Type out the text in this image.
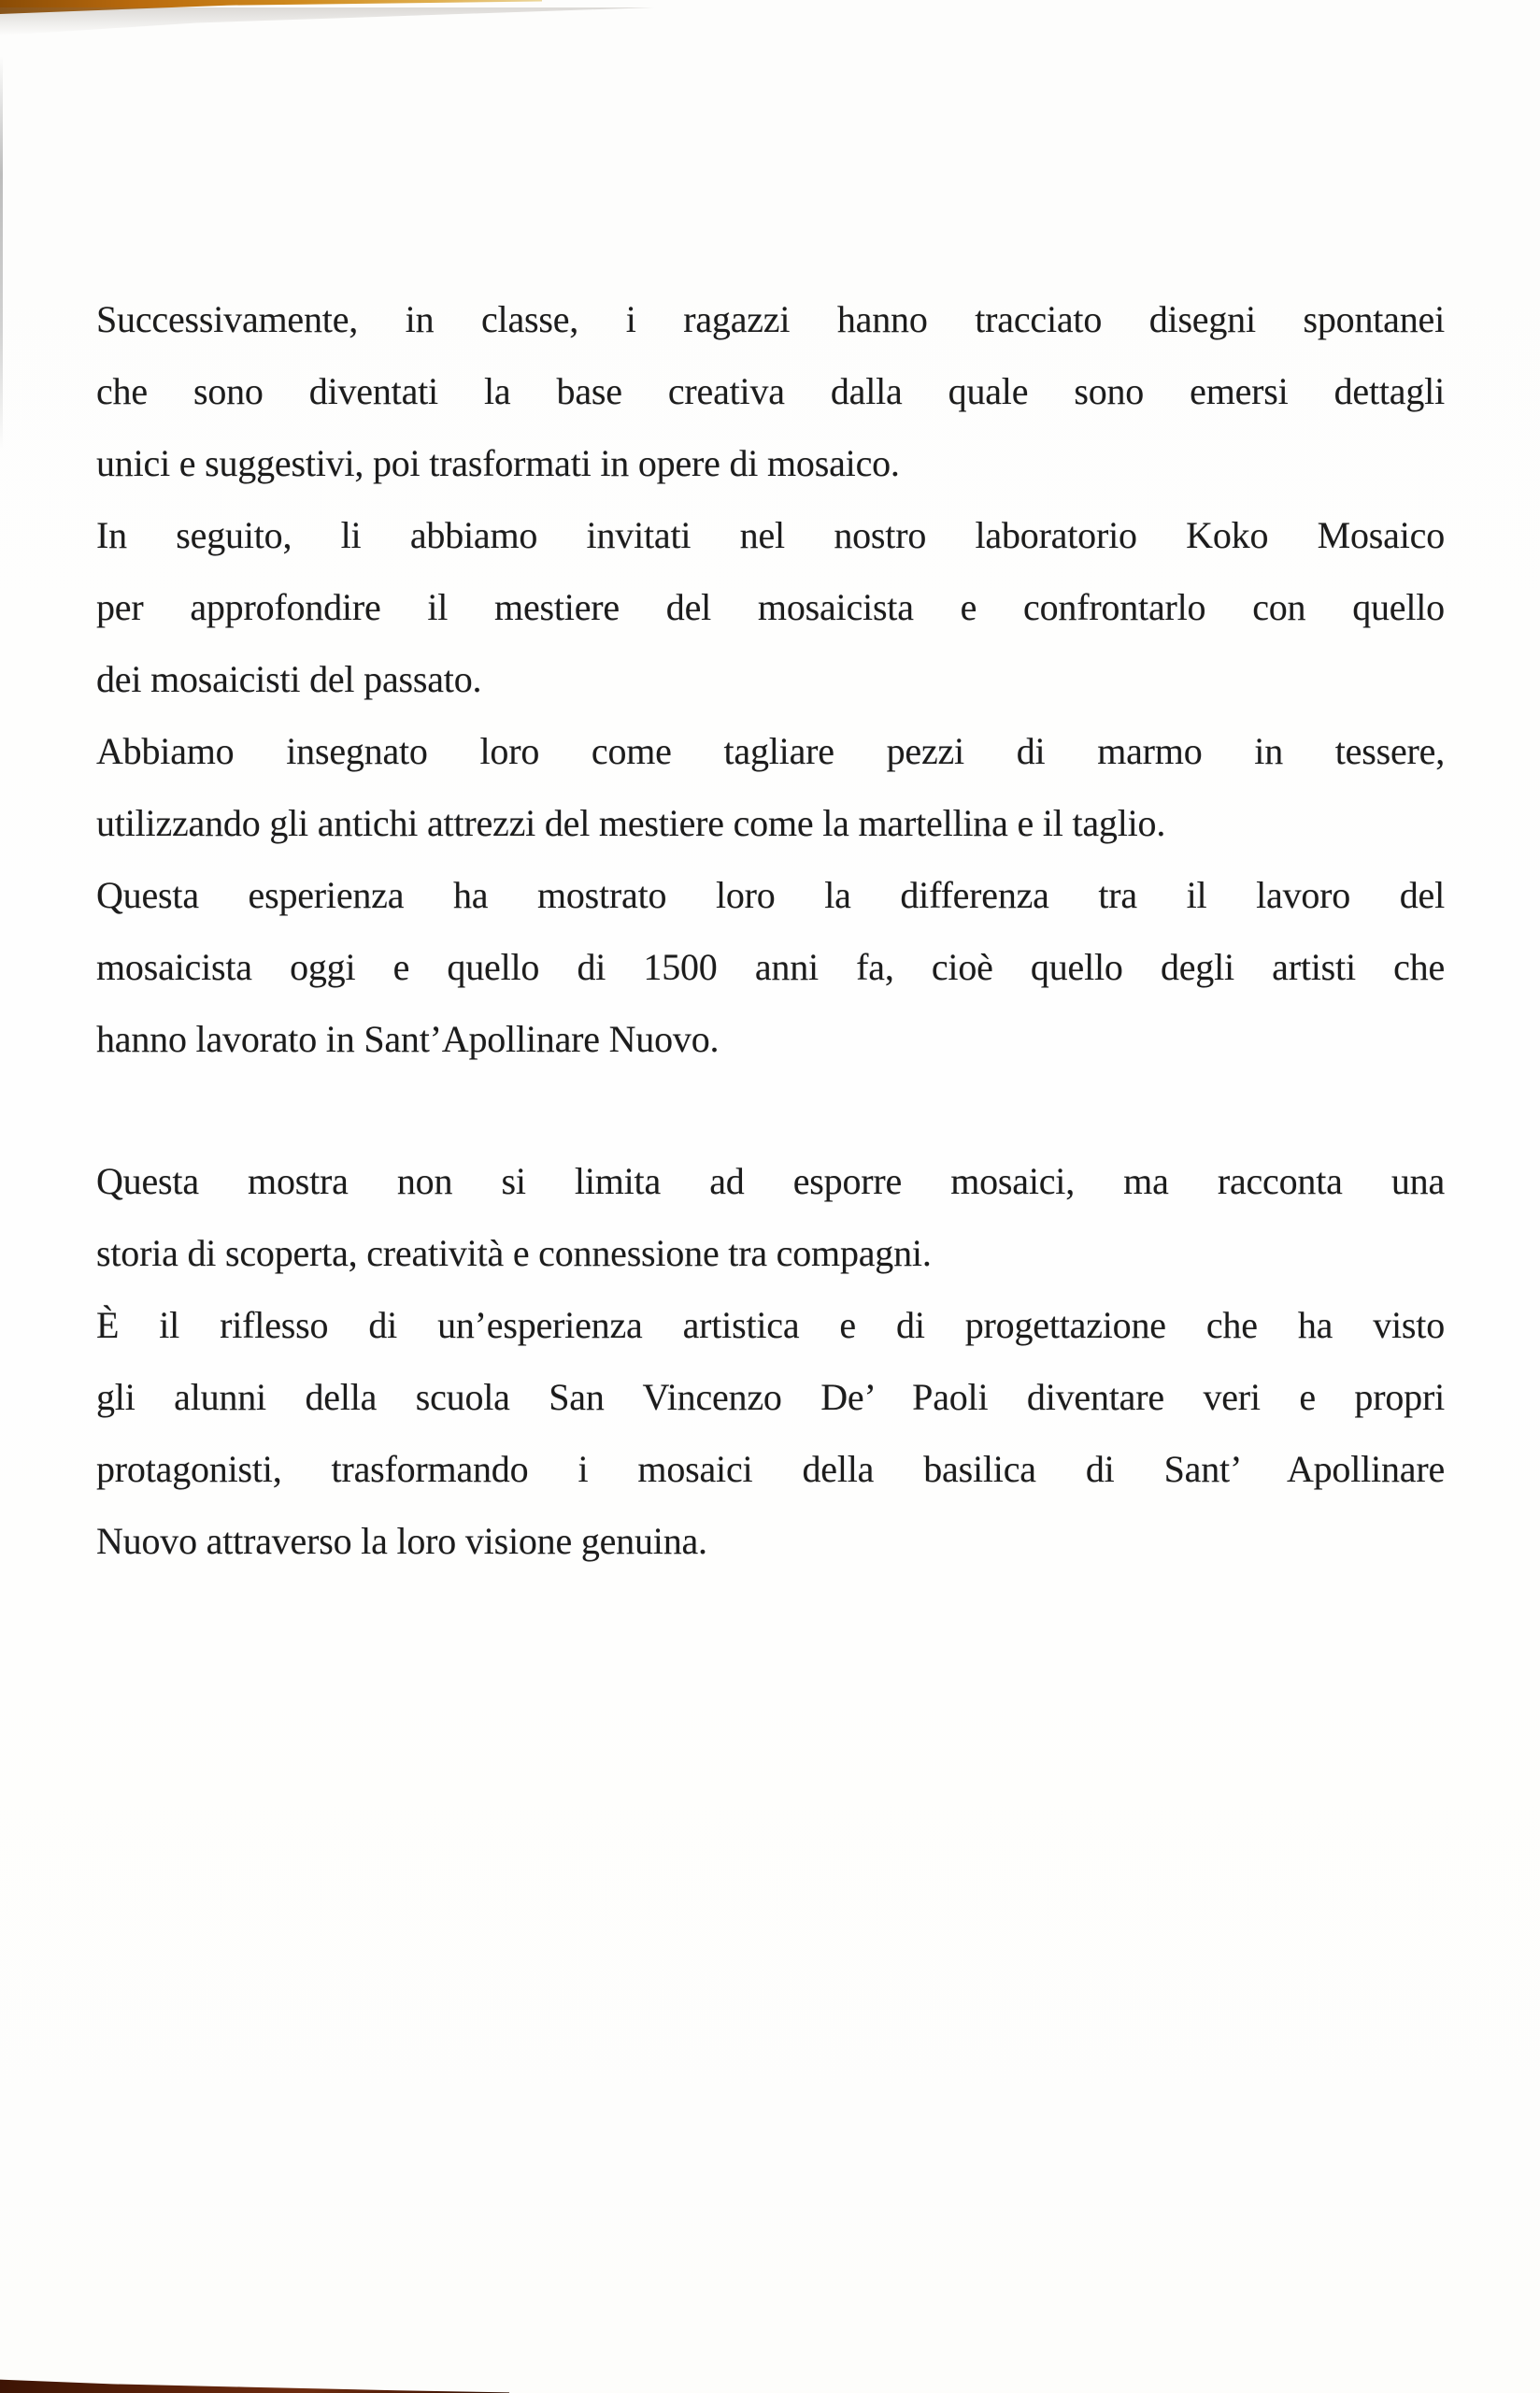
Successivamente, in classe, i ragazzi hanno tracciato disegni spontanei
che sono diventati la base creativa dalla quale sono emersi dettagli
unici e suggestivi, poi trasformati in opere di mosaico.
In seguito, li abbiamo invitati nel nostro laboratorio Koko Mosaico
per approfondire il mestiere del mosaicista e confrontarlo con quello
dei mosaicisti del passato.
Abbiamo insegnato loro come tagliare pezzi di marmo in tessere,
utilizzando gli antichi attrezzi del mestiere come la martellina e il taglio.
Questa esperienza ha mostrato loro la differenza tra il lavoro del
mosaicista oggi e quello di 1500 anni fa, cioè quello degli artisti che
hanno lavorato in Sant’Apollinare Nuovo.
Questa mostra non si limita ad esporre mosaici, ma racconta una
storia di scoperta, creatività e connessione tra compagni.
È il riflesso di un’esperienza artistica e di progettazione che ha visto
gli alunni della scuola San Vincenzo De’ Paoli diventare veri e propri
protagonisti, trasformando i mosaici della basilica di Sant’ Apollinare
Nuovo attraverso la loro visione genuina.
